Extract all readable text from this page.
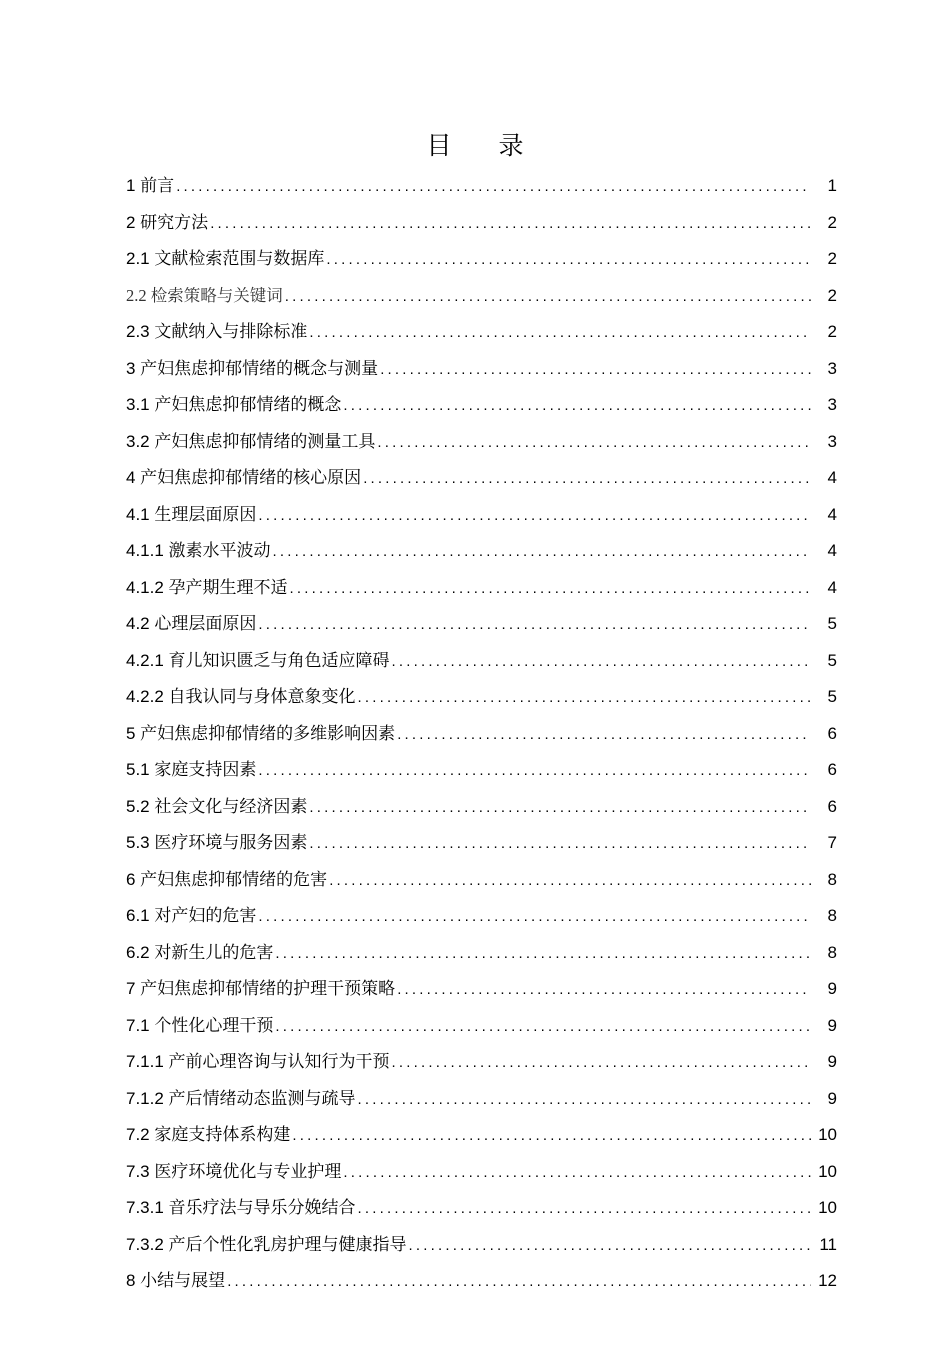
目 录
1 前言 .....	1
2 研究方法 .....	2
2.1 文献检索范围与数据库 .....	2
2.2 检索策略与关键词 .....	2
2.3 文献纳入与排除标准 .....	2
3 产妇焦虑抑郁情绪的概念与测量 .....	3
3.1 产妇焦虑抑郁情绪的概念 .....	3
3.2 产妇焦虑抑郁情绪的测量工具 .....	3
4 产妇焦虑抑郁情绪的核心原因 .....	4
4.1 生理层面原因 .....	4
4.1.1 激素水平波动 .....	4
4.1.2 孕产期生理不适 .....	4
4.2 心理层面原因 .....	5
4.2.1 育儿知识匮乏与角色适应障碍 .....	5
4.2.2 自我认同与身体意象变化 .....	5
5 产妇焦虑抑郁情绪的多维影响因素 .....	6
5.1 家庭支持因素 .....	6
5.2 社会文化与经济因素 .....	6
5.3 医疗环境与服务因素 .....	7
6 产妇焦虑抑郁情绪的危害 .....	8
6.1 对产妇的危害 .....	8
6.2 对新生儿的危害 .....	8
7 产妇焦虑抑郁情绪的护理干预策略 .....	9
7.1 个性化心理干预 .....	9
7.1.1 产前心理咨询与认知行为干预 .....	9
7.1.2 产后情绪动态监测与疏导 .....	9
7.2 家庭支持体系构建 .....	10
7.3 医疗环境优化与专业护理 .....	10
7.3.1 音乐疗法与导乐分娩结合 .....	10
7.3.2 产后个性化乳房护理与健康指导 .....	11
8 小结与展望 .....	12
